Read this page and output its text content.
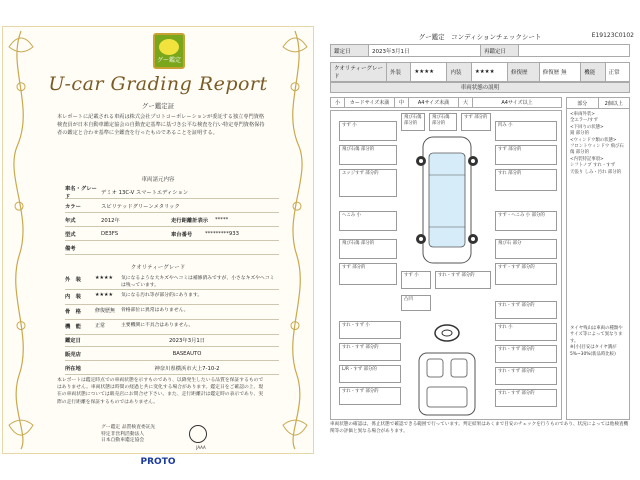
グー鑑定
U-car Grading Report
グー鑑定証
本レポートに記載される車両は株式会社プロトコーポレーションが委託する独立専門資格検査員が日本自動車鑑定協会の自動査定基準に基づき公平な検査を行い特定専門資格保持者の鑑定と合わせ基準に全鑑査を行ったものであることを証明する。
車両諸元内容
車名・グレード
デミオ 13C-V スマートエディション
カラー	スピリテッドグリーンメタリック
年式	2012年	走行距離計表示	*****
型式	DE3FS	車台番号	*********933
備考
クオリティーグレード
外　装	★★★★	気になるような大キズやヘコミは補修済みですが、小さなキズやヘコミは残っています。
内　装	★★★★	気になる汚れ等が部分的にあります。
骨　格	修復歴無	骨格部位に異常はありません。
機　能	正常	主要機関に不具合はありません。
鑑定日	2023年3月1日
販売店	BASEAUTO
所在地	神奈川県横浜市大上7-10-2
本レポートは鑑定時点での車両状態を示すものであり、以降発生したいる品質を保証するものではありません。車両状態は時間の経過と共に変化する場合があります。鑑定日をご確認の上、現在の車両状態については販売店にお問合せ下さい。また、走行距離計は鑑定時の表示であり、実際の走行距離を保証するものではありません。
グー鑑定 品質検査委託先
特定非営利活動法人
日本自動車鑑定協会
JAAA
PROTO
グー鑑定　コンディションチェックシート	E19123C0102
鑑定日	2023年3月1日	再鑑定日	
クオリティーグレード	外装	★★★★	内装	★★★★	修復歴	修復歴 無	機能	正常
車両状態の説明
小	カードサイズ未満	中	A4サイズ未満	大	A4サイズ以上
すず 小
飛び石傷 部分的
エッジすず 部分的
へこみ 小
飛び石傷 部分的
すず 部分的
飛び石傷 部分的
飛び石傷 部分的
すず 部分的
凹み 小
すず 部分的
すれ 部分的
すず・へこみ 小 部分的
飛び石 部分
すず・すず 部分的
すず 小	すれ・すず 部分的
すれ・すず 小
すれ・すず 部分的
L/R・すず 部分的
すれ・すず 部分的
すれ・すず 部分的
すれ 小
すれ・すず 部分的
すれ・すず 部分的
すれ・すず 部分的
凸凹
部分	2個以上
<車両外装>
全エラー/すず
<下回りの状態>
錆 部分的
<ウィンドウ類の状態>
フロントウィンドウ 飛び石傷 部分的
<内装特記事項>
シフトノブ すれ・すず
天張り しみ・汚れ 部分的
タイヤ残山は車両の種類やサイズ等によって異なります。
※[小]目安はタイヤ溝が5%~30%(新品時比較)
車両状態の確認は、係止状態で確認できる範囲で行っています。判定結果はあくまで目安のチェックを行うものであり、状況によっては他検査機関等の評価と異なる場合があります。
